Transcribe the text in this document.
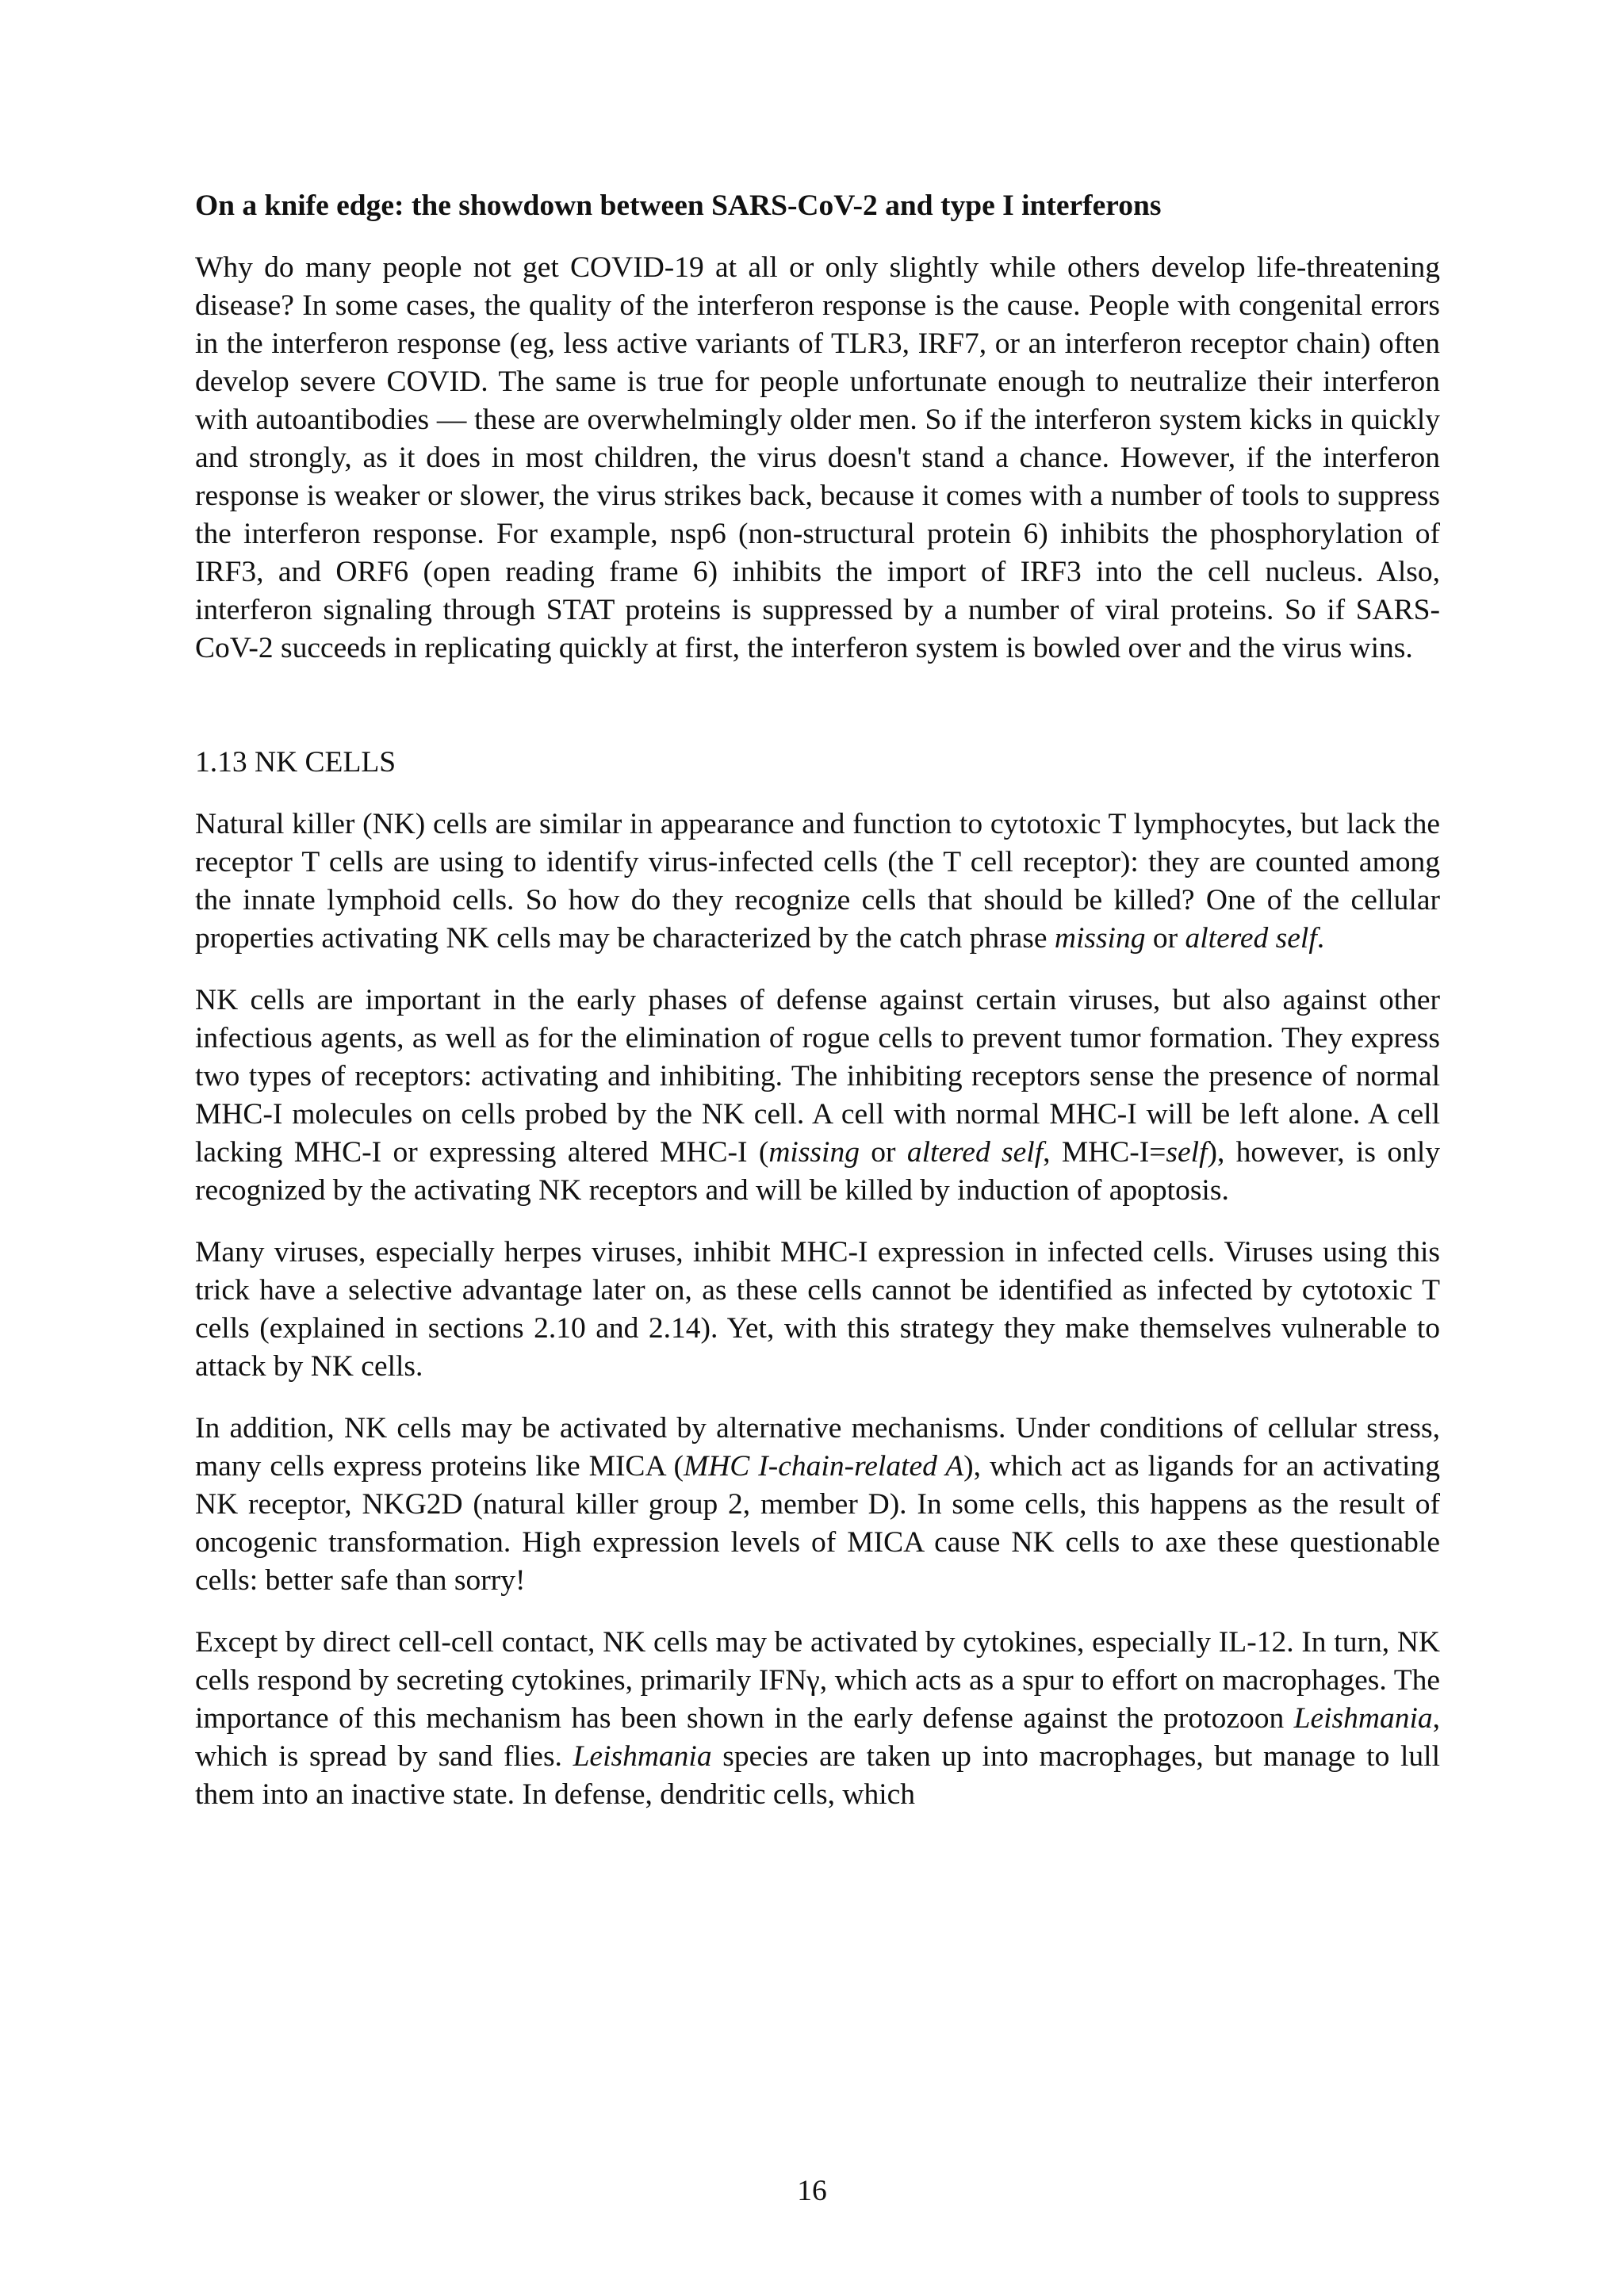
On a knife edge: the showdown between SARS-CoV-2 and type I interferons

Why do many people not get COVID-19 at all or only slightly while others develop life-threatening disease? In some cases, the quality of the interferon response is the cause. People with congenital errors in the interferon response (eg, less active variants of TLR3, IRF7, or an interferon receptor chain) often develop severe COVID. The same is true for people unfortunate enough to neutralize their interferon with autoantibodies — these are overwhelmingly older men. So if the interferon system kicks in quickly and strongly, as it does in most children, the virus doesn't stand a chance. However, if the interferon response is weaker or slower, the virus strikes back, because it comes with a number of tools to suppress the interferon response. For example, nsp6 (non-structural protein 6) inhibits the phosphorylation of IRF3, and ORF6 (open reading frame 6) inhibits the import of IRF3 into the cell nucleus. Also, interferon signaling through STAT proteins is suppressed by a number of viral proteins. So if SARS-CoV-2 succeeds in replicating quickly at first, the interferon system is bowled over and the virus wins.

1.13 NK CELLS

Natural killer (NK) cells are similar in appearance and function to cytotoxic T lymphocytes, but lack the receptor T cells are using to identify virus-infected cells (the T cell receptor): they are counted among the innate lymphoid cells. So how do they recognize cells that should be killed? One of the cellular properties activating NK cells may be characterized by the catch phrase missing or altered self.

NK cells are important in the early phases of defense against certain viruses, but also against other infectious agents, as well as for the elimination of rogue cells to prevent tumor formation. They express two types of receptors: activating and inhibiting. The inhibiting receptors sense the presence of normal MHC-I molecules on cells probed by the NK cell. A cell with normal MHC-I will be left alone. A cell lacking MHC-I or expressing altered MHC-I (missing or altered self, MHC-I=self), however, is only recognized by the activating NK receptors and will be killed by induction of apoptosis.

Many viruses, especially herpes viruses, inhibit MHC-I expression in infected cells. Viruses using this trick have a selective advantage later on, as these cells cannot be identified as infected by cytotoxic T cells (explained in sections 2.10 and 2.14). Yet, with this strategy they make themselves vulnerable to attack by NK cells.

In addition, NK cells may be activated by alternative mechanisms. Under conditions of cellular stress, many cells express proteins like MICA (MHC I-chain-related A), which act as ligands for an activating NK receptor, NKG2D (natural killer group 2, member D). In some cells, this happens as the result of oncogenic transformation. High expression levels of MICA cause NK cells to axe these questionable cells: better safe than sorry!

Except by direct cell-cell contact, NK cells may be activated by cytokines, especially IL-12. In turn, NK cells respond by secreting cytokines, primarily IFNγ, which acts as a spur to effort on macrophages. The importance of this mechanism has been shown in the early defense against the protozoon Leishmania, which is spread by sand flies. Leishmania species are taken up into macrophages, but manage to lull them into an inactive state. In defense, dendritic cells, which

16
